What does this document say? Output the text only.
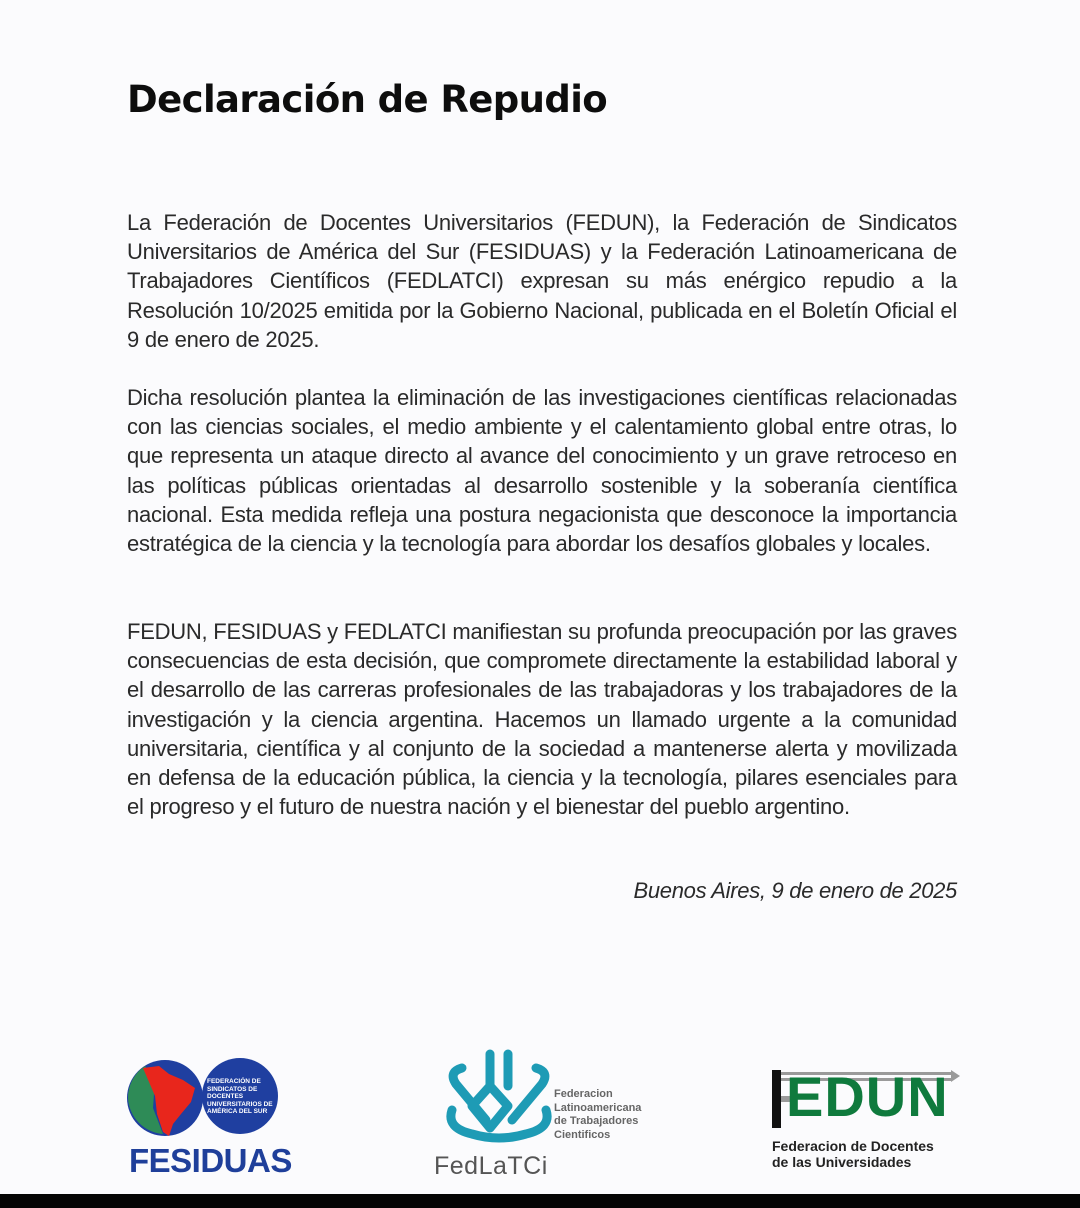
Declaración de Repudio

La Federación de Docentes Universitarios (FEDUN), la Federación de Sindicatos Universitarios de América del Sur (FESIDUAS) y la Federación Latinoamericana de Trabajadores Científicos (FEDLATCI) expresan su más enérgico repudio a la Resolución 10/2025 emitida por la Gobierno Nacional, publicada en el Boletín Oficial el 9 de enero de 2025.

Dicha resolución plantea la eliminación de las investigaciones científicas relacionadas con las ciencias sociales, el medio ambiente y el calentamiento global entre otras, lo que representa un ataque directo al avance del conocimiento y un grave retroceso en las políticas públicas orientadas al desarrollo sostenible y la soberanía científica nacional. Esta medida refleja una postura negacionista que desconoce la importancia estratégica de la ciencia y la tecnología para abordar los desafíos globales y locales.

FEDUN, FESIDUAS y FEDLATCI manifiestan su profunda preocupación por las graves consecuencias de esta decisión, que compromete directamente la estabilidad laboral y el desarrollo de las carreras profesionales de las trabajadoras y los trabajadores de la investigación y la ciencia argentina. Hacemos un llamado urgente a la comunidad universitaria, científica y al conjunto de la sociedad a mantenerse alerta y movilizada en defensa de la educación pública, la ciencia y la tecnología, pilares esenciales para el progreso y el futuro de nuestra nación y el bienestar del pueblo argentino.

Buenos Aires, 9 de enero de 2025
FEDERACIÓN DE SINDICATOS DE DOCENTES UNIVERSITARIOS DE AMÉRICA DEL SUR
FESIDUAS
Federacion
Latinoamericana
de Trabajadores
Cientificos
FedLaTCi
EDUN
Federacion de Docentes
de las Universidades
